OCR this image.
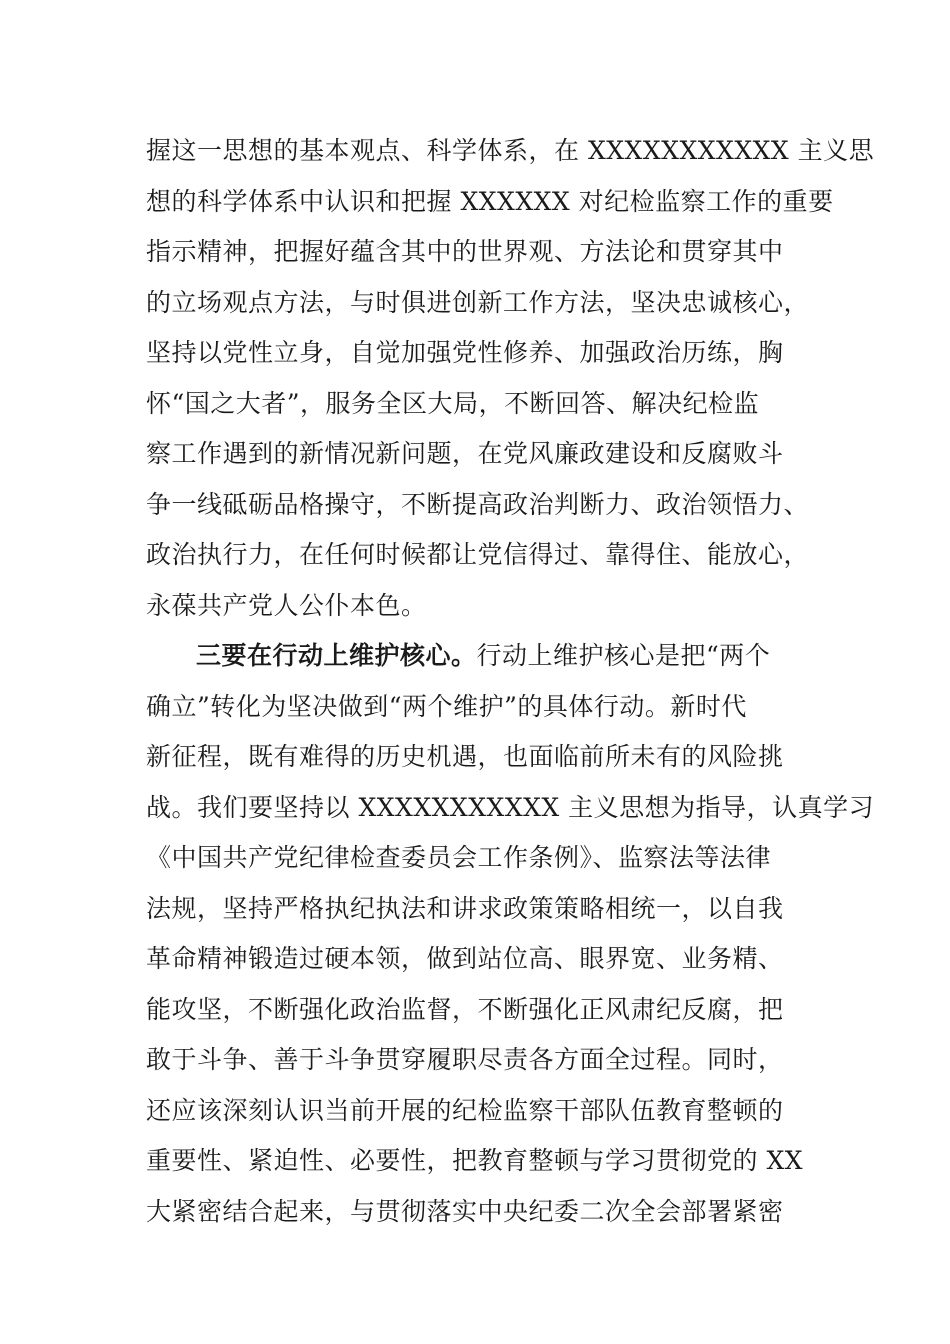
握这一思想的基本观点、科学体系，在 XXXXXXXXXXX 主义思
想的科学体系中认识和把握 XXXXXX 对纪检监察工作的重要
指示精神，把握好蕴含其中的世界观、方法论和贯穿其中
的立场观点方法，与时俱进创新工作方法，坚决忠诚核心，
坚持以党性立身，自觉加强党性修养、加强政治历练，胸
怀“国之大者”，服务全区大局，不断回答、解决纪检监
察工作遇到的新情况新问题，在党风廉政建设和反腐败斗
争一线砥砺品格操守，不断提高政治判断力、政治领悟力、
政治执行力，在任何时候都让党信得过、靠得住、能放心，
永葆共产党人公仆本色。
三要在行动上维护核心。行动上维护核心是把“两个
确立”转化为坚决做到“两个维护”的具体行动。新时代
新征程，既有难得的历史机遇，也面临前所未有的风险挑
战。我们要坚持以 XXXXXXXXXXX 主义思想为指导，认真学习
《中国共产党纪律检查委员会工作条例》、监察法等法律
法规，坚持严格执纪执法和讲求政策策略相统一，以自我
革命精神锻造过硬本领，做到站位高、眼界宽、业务精、
能攻坚，不断强化政治监督，不断强化正风肃纪反腐，把
敢于斗争、善于斗争贯穿履职尽责各方面全过程。同时，
还应该深刻认识当前开展的纪检监察干部队伍教育整顿的
重要性、紧迫性、必要性，把教育整顿与学习贯彻党的 XX
大紧密结合起来，与贯彻落实中央纪委二次全会部署紧密
